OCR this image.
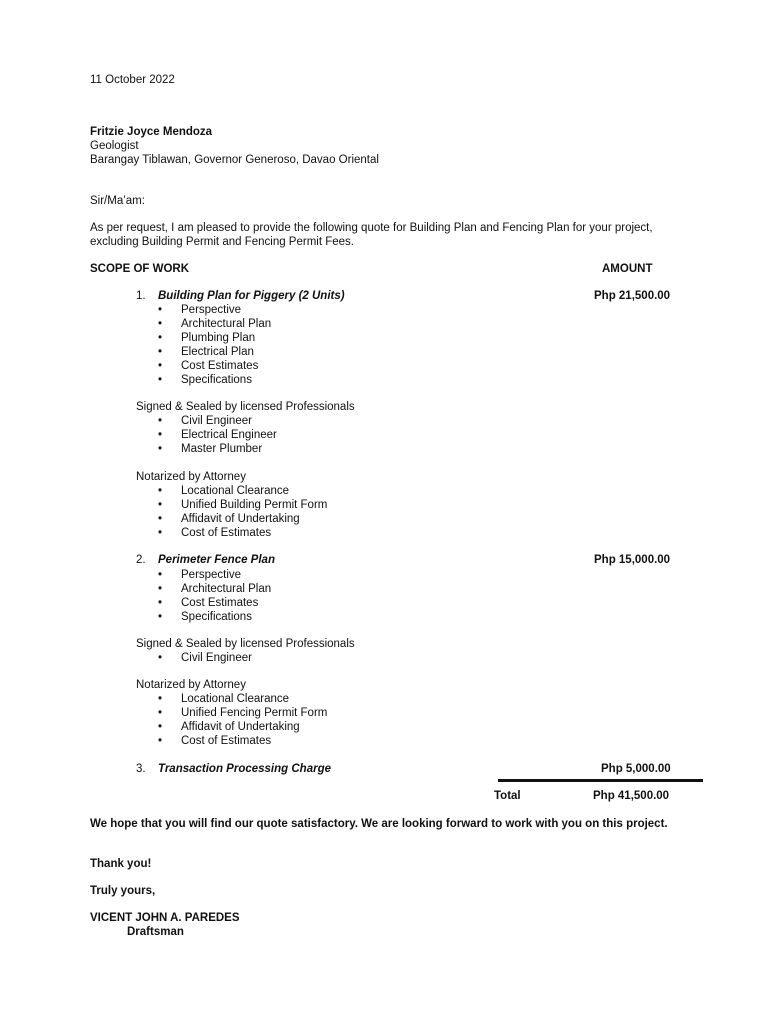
11 October 2022
Fritzie Joyce Mendoza
Geologist
Barangay Tiblawan, Governor Generoso, Davao Oriental
Sir/Ma’am:
As per request, I am pleased to provide the following quote for Building Plan and Fencing Plan for your project, excluding Building Permit and Fencing Permit Fees.
SCOPE OF WORK	AMOUNT
1. Building Plan for Piggery (2 Units)	Php 21,500.00
• Perspective
• Architectural Plan
• Plumbing Plan
• Electrical Plan
• Cost Estimates
• Specifications
Signed & Sealed by licensed Professionals
• Civil Engineer
• Electrical Engineer
• Master Plumber
Notarized by Attorney
• Locational Clearance
• Unified Building Permit Form
• Affidavit of Undertaking
• Cost of Estimates
2. Perimeter Fence Plan	Php 15,000.00
• Perspective
• Architectural Plan
• Cost Estimates
• Specifications
Signed & Sealed by licensed Professionals
• Civil Engineer
Notarized by Attorney
• Locational Clearance
• Unified Fencing Permit Form
• Affidavit of Undertaking
• Cost of Estimates
3. Transaction Processing Charge	Php 5,000.00
Total	Php 41,500.00
We hope that you will find our quote satisfactory. We are looking forward to work with you on this project.
Thank you!
Truly yours,
VICENT JOHN A. PAREDES
Draftsman
